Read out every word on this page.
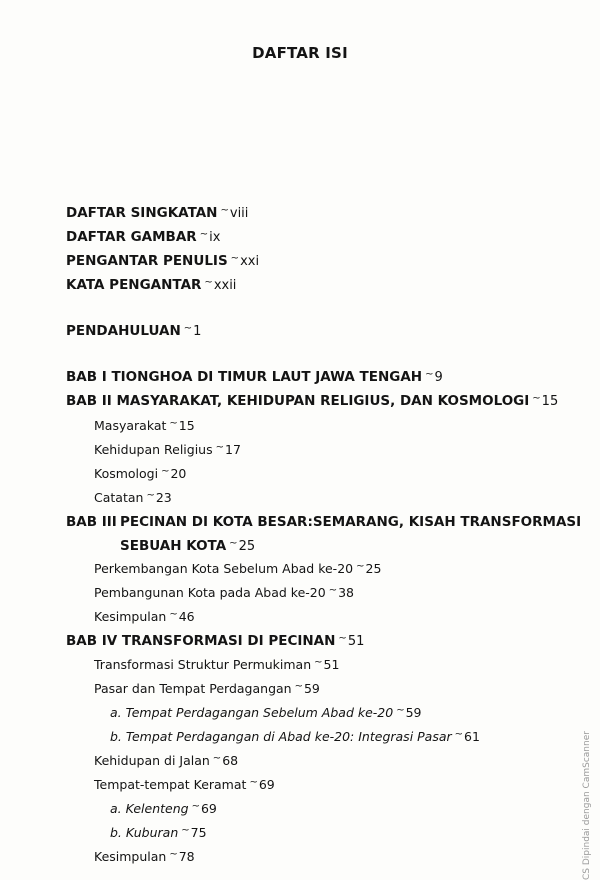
DAFTAR ISI
DAFTAR SINGKATAN ~viii
DAFTAR GAMBAR ~ix
PENGANTAR PENULIS ~xxi
KATA PENGANTAR ~xxii
PENDAHULUAN ~1
BAB I TIONGHOA DI TIMUR LAUT JAWA TENGAH ~9
BAB II MASYARAKAT, KEHIDUPAN RELIGIUS, DAN KOSMOLOGI ~15
Masyarakat ~15
Kehidupan Religius ~17
Kosmologi ~20
Catatan ~23
BAB III PECINAN DI KOTA BESAR:SEMARANG, KISAH TRANSFORMASI
SEBUAH KOTA ~25
Perkembangan Kota Sebelum Abad ke-20 ~25
Pembangunan Kota pada Abad ke-20 ~38
Kesimpulan ~46
BAB IV TRANSFORMASI DI PECINAN ~51
Transformasi Struktur Permukiman ~51
Pasar dan Tempat Perdagangan ~59
a. Tempat Perdagangan Sebelum Abad ke-20 ~59
b. Tempat Perdagangan di Abad ke-20: Integrasi Pasar ~61
Kehidupan di Jalan ~68
Tempat-tempat Keramat ~69
a. Kelenteng ~69
b. Kuburan ~75
Kesimpulan ~78	CS Dipindai dengan CamScanner
